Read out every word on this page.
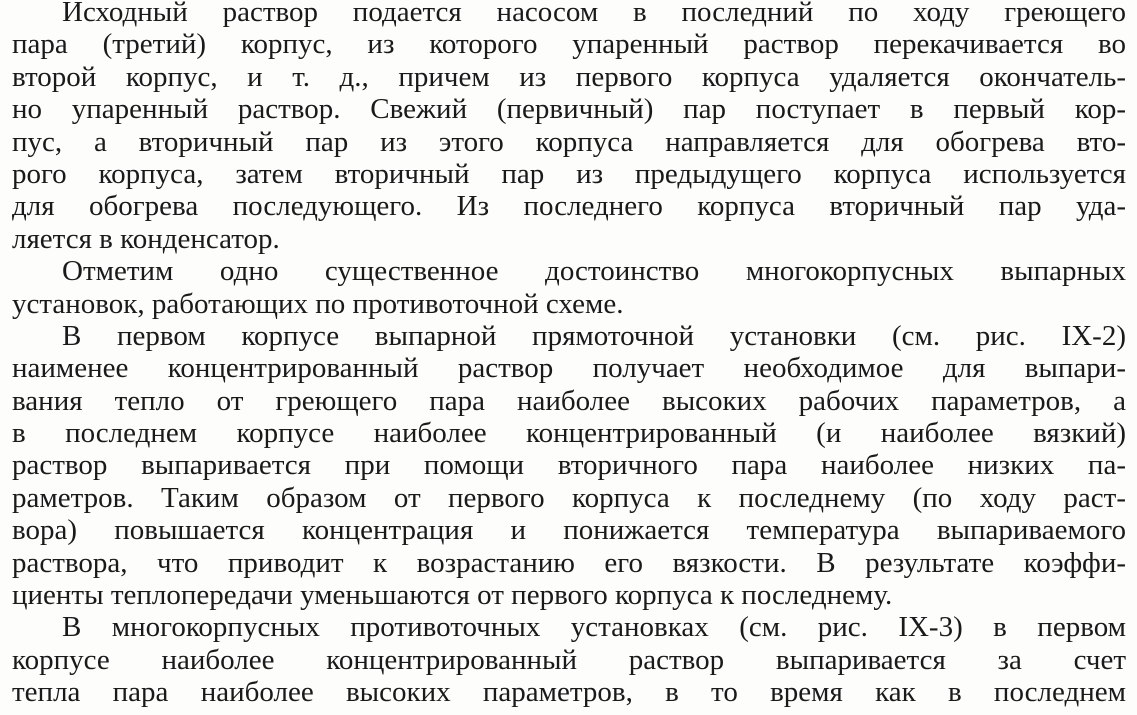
Исходный раствор подается насосом в последний по ходу греющего
пара (третий) корпус, из которого упаренный раствор перекачивается во
второй корпус, и т. д., причем из первого корпуса удаляется окончатель-
но упаренный раствор. Свежий (первичный) пар поступает в первый кор-
пус, а вторичный пар из этого корпуса направляется для обогрева вто-
рого корпуса, затем вторичный пар из предыдущего корпуса используется
для обогрева последующего. Из последнего корпуса вторичный пар уда-
ляется в конденсатор.
Отметим одно существенное достоинство многокорпусных выпарных
установок, работающих по противоточной схеме.
В первом корпусе выпарной прямоточной установки (см. рис. IX-2)
наименее концентрированный раствор получает необходимое для выпари-
вания тепло от греющего пара наиболее высоких рабочих параметров, а
в последнем корпусе наиболее концентрированный (и наиболее вязкий)
раствор выпаривается при помощи вторичного пара наиболее низких па-
раметров. Таким образом от первого корпуса к последнему (по ходу раст-
вора) повышается концентрация и понижается температура выпариваемого
раствора, что приводит к возрастанию его вязкости. В результате коэффи-
циенты теплопередачи уменьшаются от первого корпуса к последнему.
В многокорпусных противоточных установках (см. рис. IX-3) в первом
корпусе наиболее концентрированный раствор выпаривается за счет
тепла пара наиболее высоких параметров, в то время как в последнем
